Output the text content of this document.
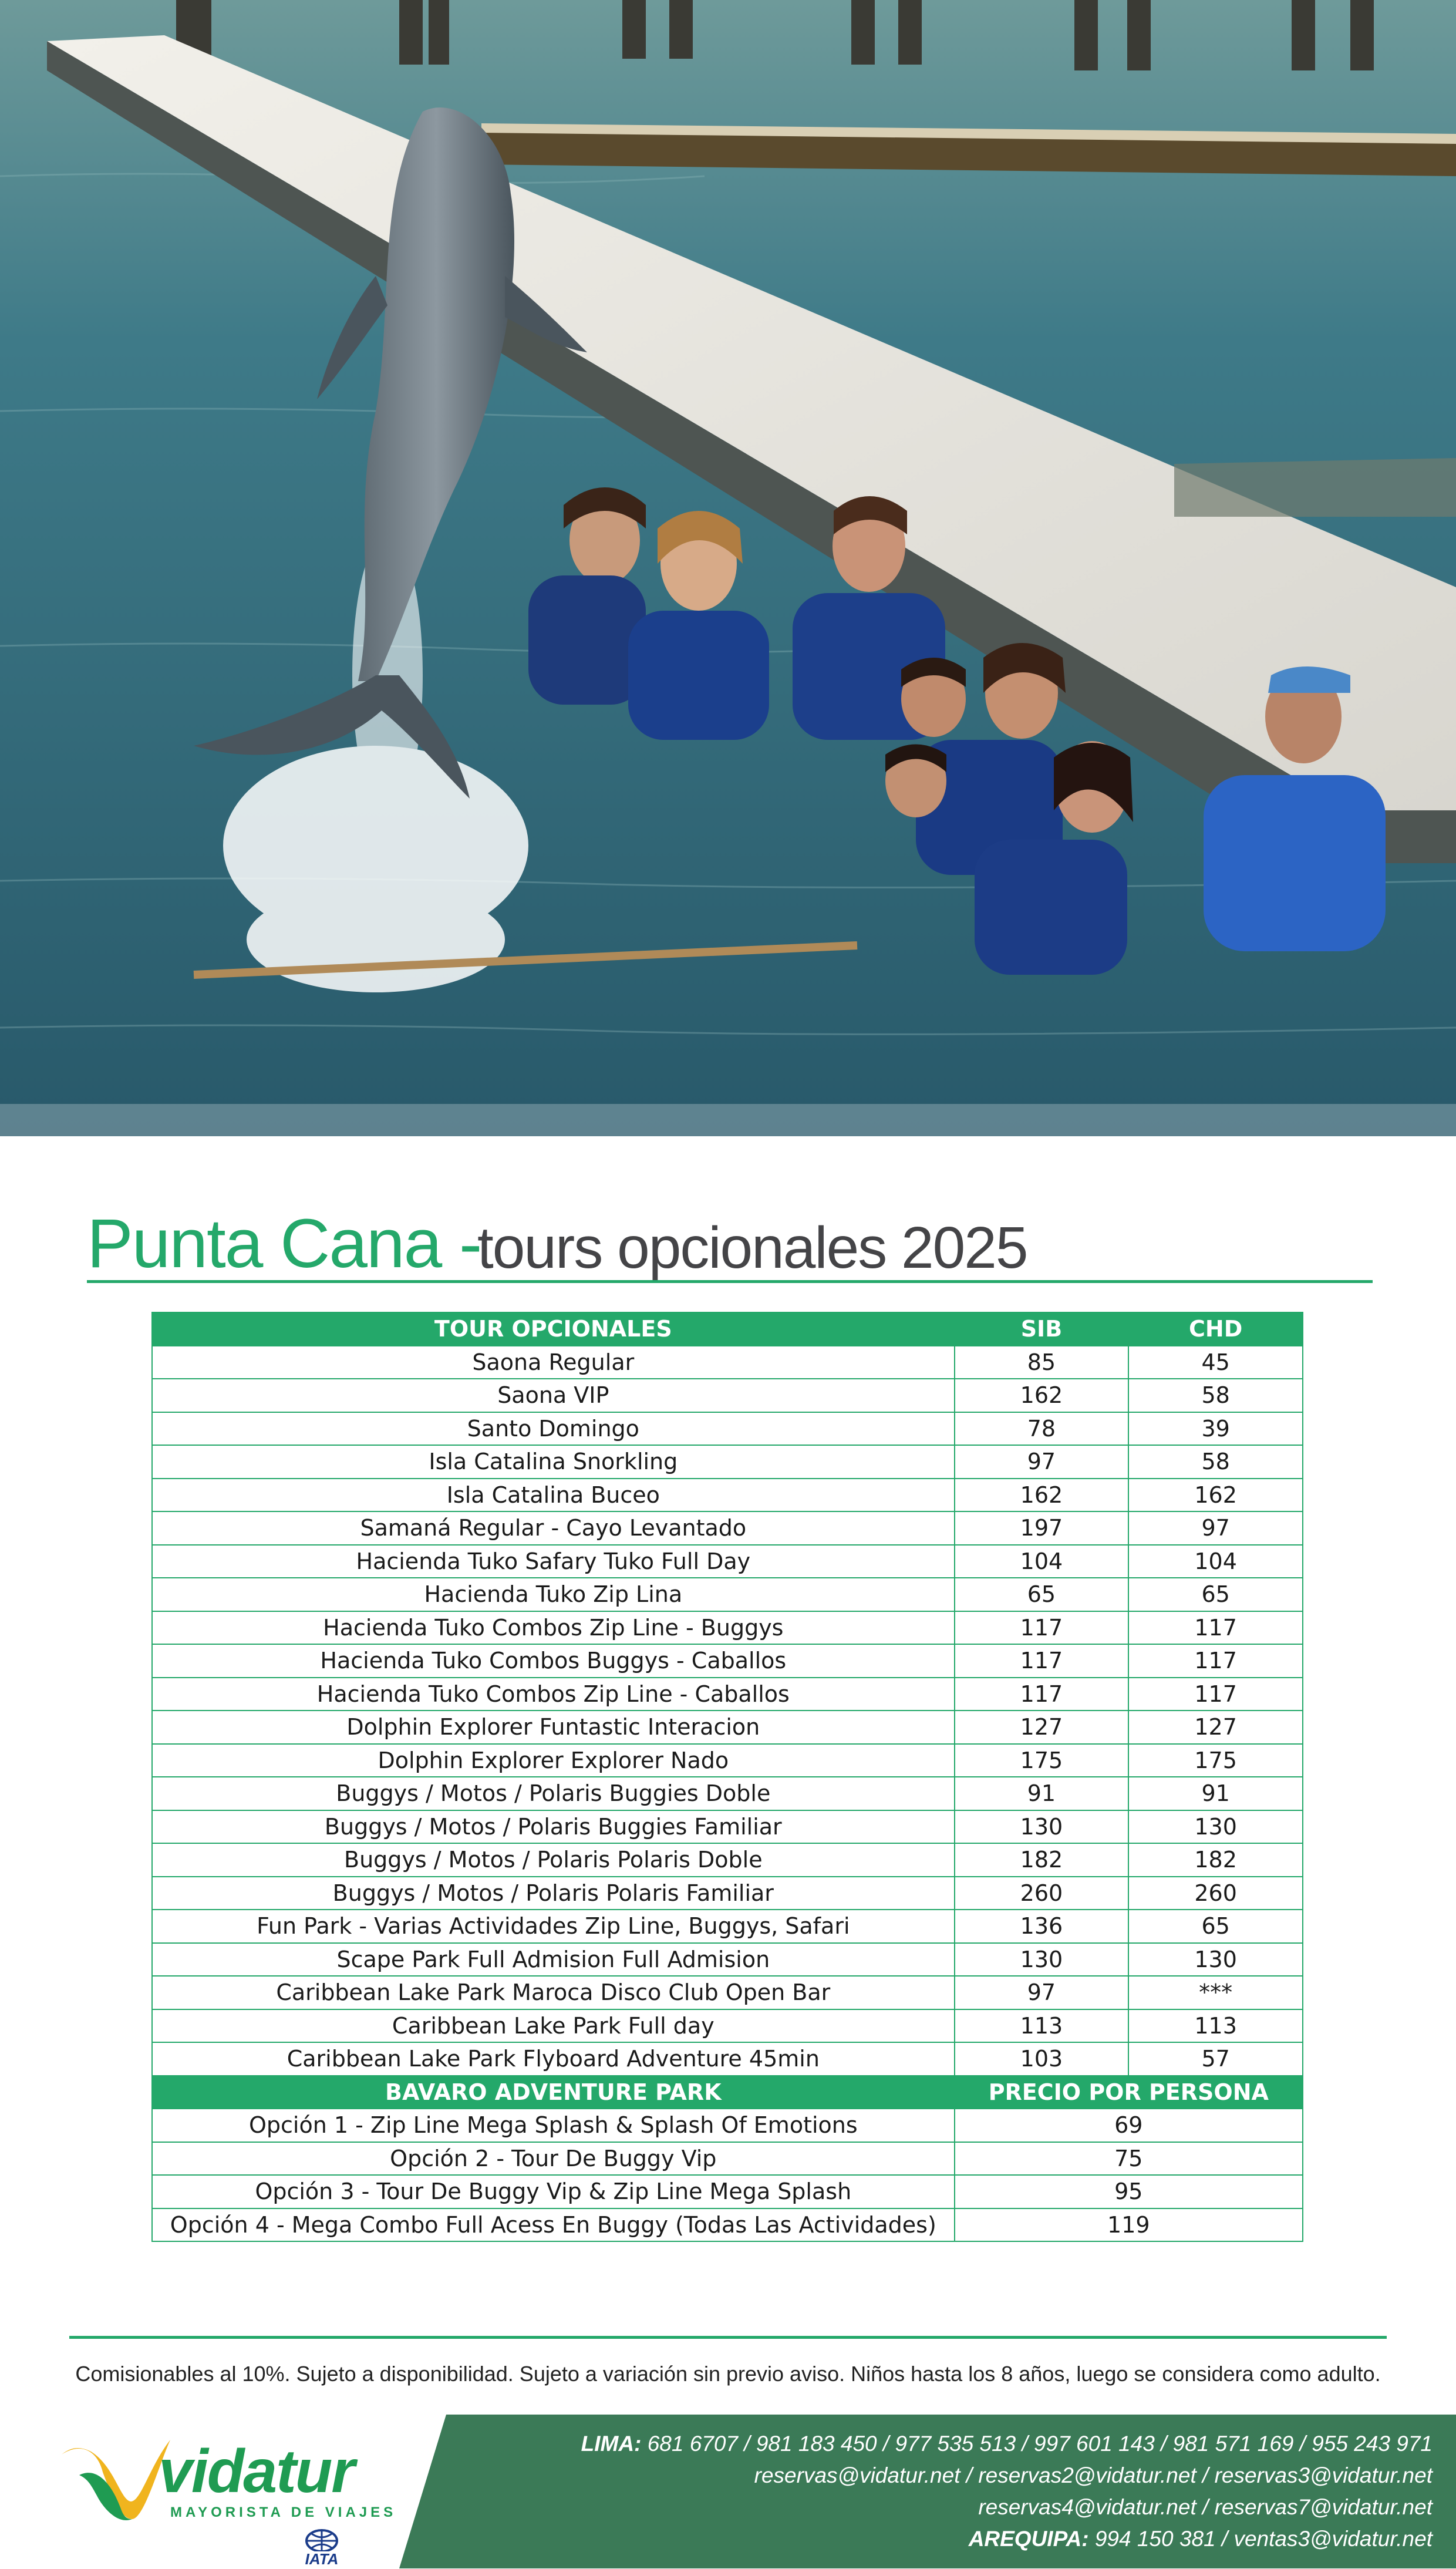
Punta Cana -
tours opcionales 2025
TOUR OPCIONALES	SIB	CHD
Saona Regular	85	45
Saona VIP	162	58
Santo Domingo	78	39
Isla Catalina Snorkling	97	58
Isla Catalina Buceo	162	162
Samaná Regular - Cayo Levantado	197	97
Hacienda Tuko Safary Tuko Full Day	104	104
Hacienda Tuko Zip Lina	65	65
Hacienda Tuko Combos Zip Line - Buggys	117	117
Hacienda Tuko Combos Buggys - Caballos	117	117
Hacienda Tuko Combos Zip Line - Caballos	117	117
Dolphin Explorer Funtastic Interacion	127	127
Dolphin Explorer Explorer Nado	175	175
Buggys / Motos / Polaris Buggies Doble	91	91
Buggys / Motos / Polaris Buggies Familiar	130	130
Buggys / Motos / Polaris Polaris Doble	182	182
Buggys / Motos / Polaris Polaris Familiar	260	260
Fun Park - Varias Actividades Zip Line, Buggys, Safari	136	65
Scape Park Full Admision Full Admision	130	130
Caribbean Lake Park Maroca Disco Club Open Bar	97	***
Caribbean Lake Park Full day	113	113
Caribbean Lake Park Flyboard Adventure 45min	103	57
BAVARO ADVENTURE PARK	PRECIO POR PERSONA	
Opción 1 - Zip Line Mega Splash & Splash Of Emotions	69	
Opción 2 - Tour De Buggy Vip	75	
Opción 3 - Tour De Buggy Vip & Zip Line Mega Splash	95	
Opción 4 - Mega Combo Full Acess En Buggy (Todas Las Actividades)	119	
Comisionables al 10%. Sujeto a disponibilidad. Sujeto a variación sin previo aviso. Niños hasta los 8 años, luego se considera como adulto.
vidatur
MAYORISTA DE VIAJES
IATA
LIMA: 681 6707 / 981 183 450 / 977 535 513 / 997 601 143 / 981 571 169 / 955 243 971
reservas@vidatur.net / reservas2@vidatur.net / reservas3@vidatur.net
reservas4@vidatur.net / reservas7@vidatur.net
AREQUIPA: 994 150 381 / ventas3@vidatur.net
